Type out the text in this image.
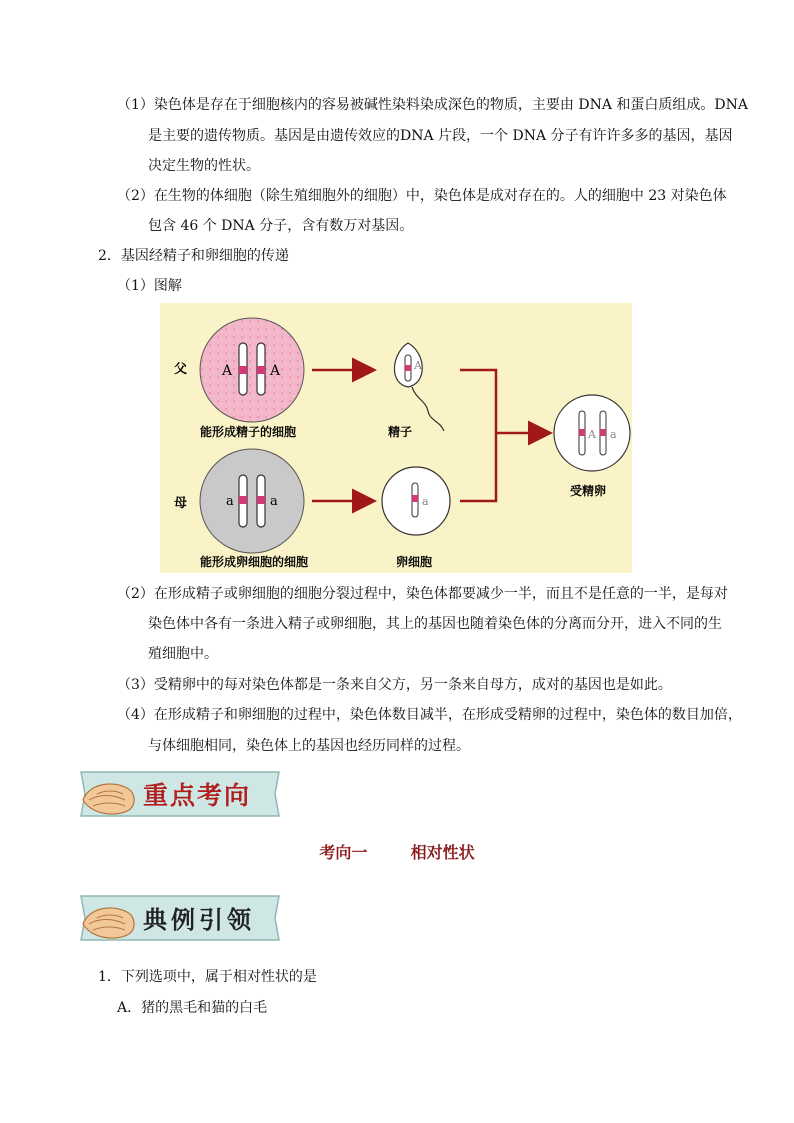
（1）染色体是存在于细胞核内的容易被碱性染料染成深色的物质，主要由 DNA 和蛋白质组成。DNA
是主要的遗传物质。基因是由遗传效应的DNA 片段，一个 DNA 分子有许许多多的基因，基因
决定生物的性状。
（2）在生物的体细胞（除生殖细胞外的细胞）中，染色体是成对存在的。人的细胞中 23 对染色体
包含 46 个 DNA 分子，含有数万对基因。
2．基因经精子和卵细胞的传递
（1）图解
父 A	A
能形成精子的细胞
A
精子
母	a	a
能形成卵细胞的细胞
a
卵细胞
A a
受精卵
（2）在形成精子或卵细胞的细胞分裂过程中，染色体都要减少一半，而且不是任意的一半，是每对
染色体中各有一条进入精子或卵细胞，其上的基因也随着染色体的分离而分开，进入不同的生
殖细胞中。
（3）受精卵中的每对染色体都是一条来自父方，另一条来自母方，成对的基因也是如此。
（4）在形成精子和卵细胞的过程中，染色体数目减半，在形成受精卵的过程中，染色体的数目加倍，
与体细胞相同，染色体上的基因也经历同样的过程。
重点考向
考向一	相对性状
典例引领
1．下列选项中，属于相对性状的是
A．猪的黑毛和猫的白毛
